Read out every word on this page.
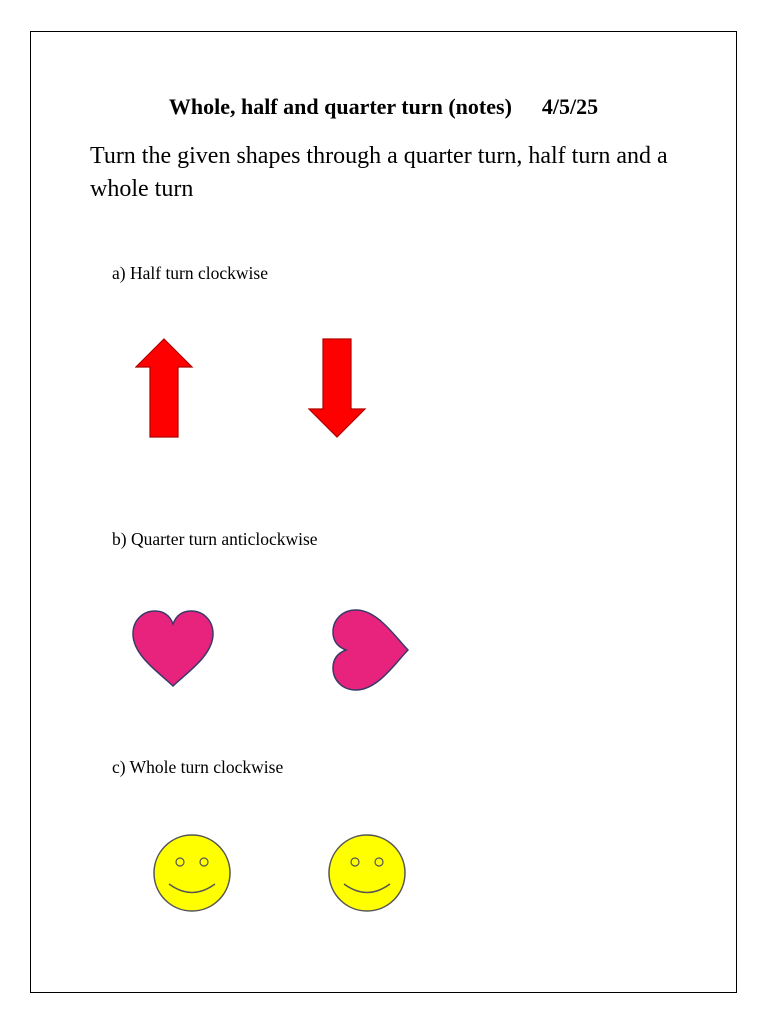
Whole, half and quarter turn (notes) 4/5/25
Turn the given shapes through a quarter turn, half turn and a whole turn
a) Half turn clockwise
b) Quarter turn anticlockwise
c) Whole turn clockwise
